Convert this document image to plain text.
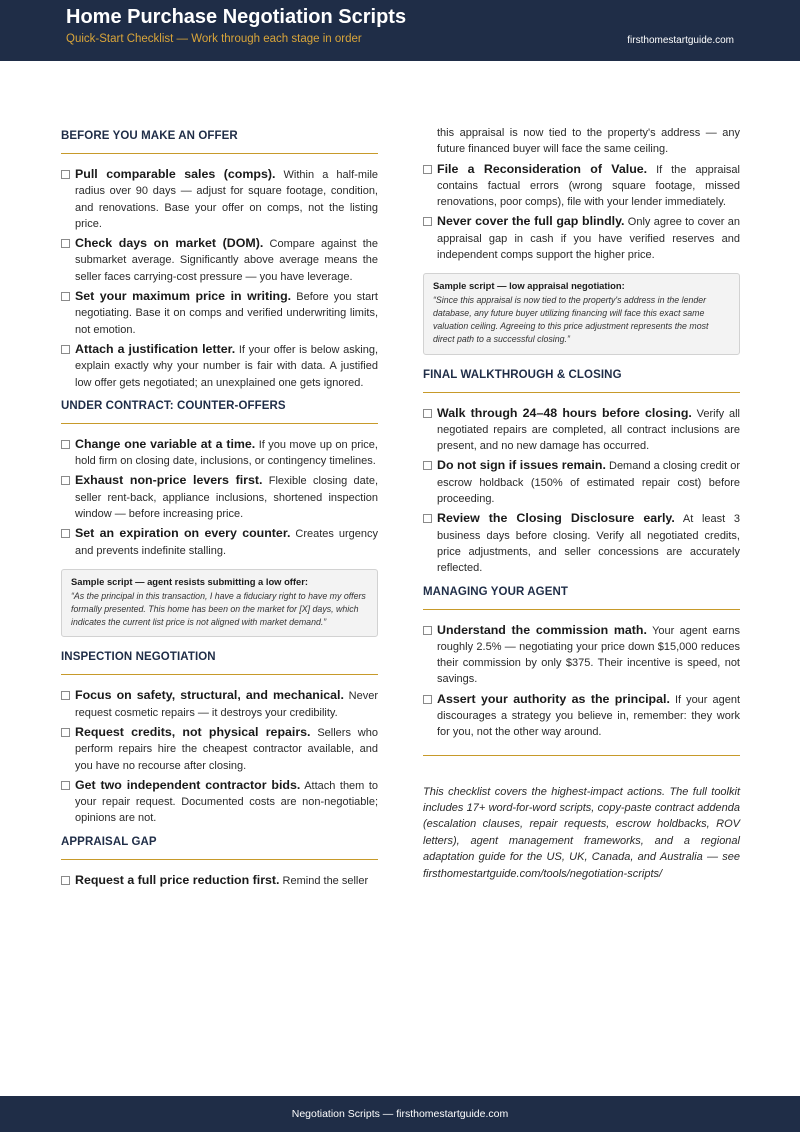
Home Purchase Negotiation Scripts
Quick-Start Checklist — Work through each stage in order	firsthomestartguide.com
BEFORE YOU MAKE AN OFFER
Pull comparable sales (comps). Within a half-mile radius over 90 days — adjust for square footage, condition, and renovations. Base your offer on comps, not the listing price.
Check days on market (DOM). Compare against the submarket average. Significantly above average means the seller faces carrying-cost pressure — you have leverage.
Set your maximum price in writing. Before you start negotiating. Base it on comps and verified underwriting limits, not emotion.
Attach a justification letter. If your offer is below asking, explain exactly why your number is fair with data. A justified low offer gets negotiated; an unexplained one gets ignored.
UNDER CONTRACT: COUNTER-OFFERS
Change one variable at a time. If you move up on price, hold firm on closing date, inclusions, or contingency timelines.
Exhaust non-price levers first. Flexible closing date, seller rent-back, appliance inclusions, shortened inspection window — before increasing price.
Set an expiration on every counter. Creates urgency and prevents indefinite stalling.
Sample script — agent resists submitting a low offer:
“As the principal in this transaction, I have a fiduciary right to have my offers formally presented. This home has been on the market for [X] days, which indicates the current list price is not aligned with market demand.”
INSPECTION NEGOTIATION
Focus on safety, structural, and mechanical. Never request cosmetic repairs — it destroys your credibility.
Request credits, not physical repairs. Sellers who perform repairs hire the cheapest contractor available, and you have no recourse after closing.
Get two independent contractor bids. Attach them to your repair request. Documented costs are non-negotiable; opinions are not.
APPRAISAL GAP
Request a full price reduction first. Remind the seller
this appraisal is now tied to the property's address — any future financed buyer will face the same ceiling.
File a Reconsideration of Value. If the appraisal contains factual errors (wrong square footage, missed renovations, poor comps), file with your lender immediately.
Never cover the full gap blindly. Only agree to cover an appraisal gap in cash if you have verified reserves and independent comps support the higher price.
Sample script — low appraisal negotiation:
“Since this appraisal is now tied to the property's address in the lender database, any future buyer utilizing financing will face this exact same valuation ceiling. Agreeing to this price adjustment represents the most direct path to a successful closing.”
FINAL WALKTHROUGH & CLOSING
Walk through 24–48 hours before closing. Verify all negotiated repairs are completed, all contract inclusions are present, and no new damage has occurred.
Do not sign if issues remain. Demand a closing credit or escrow holdback (150% of estimated repair cost) before proceeding.
Review the Closing Disclosure early. At least 3 business days before closing. Verify all negotiated credits, price adjustments, and seller concessions are accurately reflected.
MANAGING YOUR AGENT
Understand the commission math. Your agent earns roughly 2.5% — negotiating your price down $15,000 reduces their commission by only $375. Their incentive is speed, not savings.
Assert your authority as the principal. If your agent discourages a strategy you believe in, remember: they work for you, not the other way around.
This checklist covers the highest-impact actions. The full toolkit includes 17+ word-for-word scripts, copy-paste contract addenda (escalation clauses, repair requests, escrow holdbacks, ROV letters), agent management frameworks, and a regional adaptation guide for the US, UK, Canada, and Australia — see firsthomestartguide.com/tools/negotiation-scripts/
Negotiation Scripts — firsthomestartguide.com
